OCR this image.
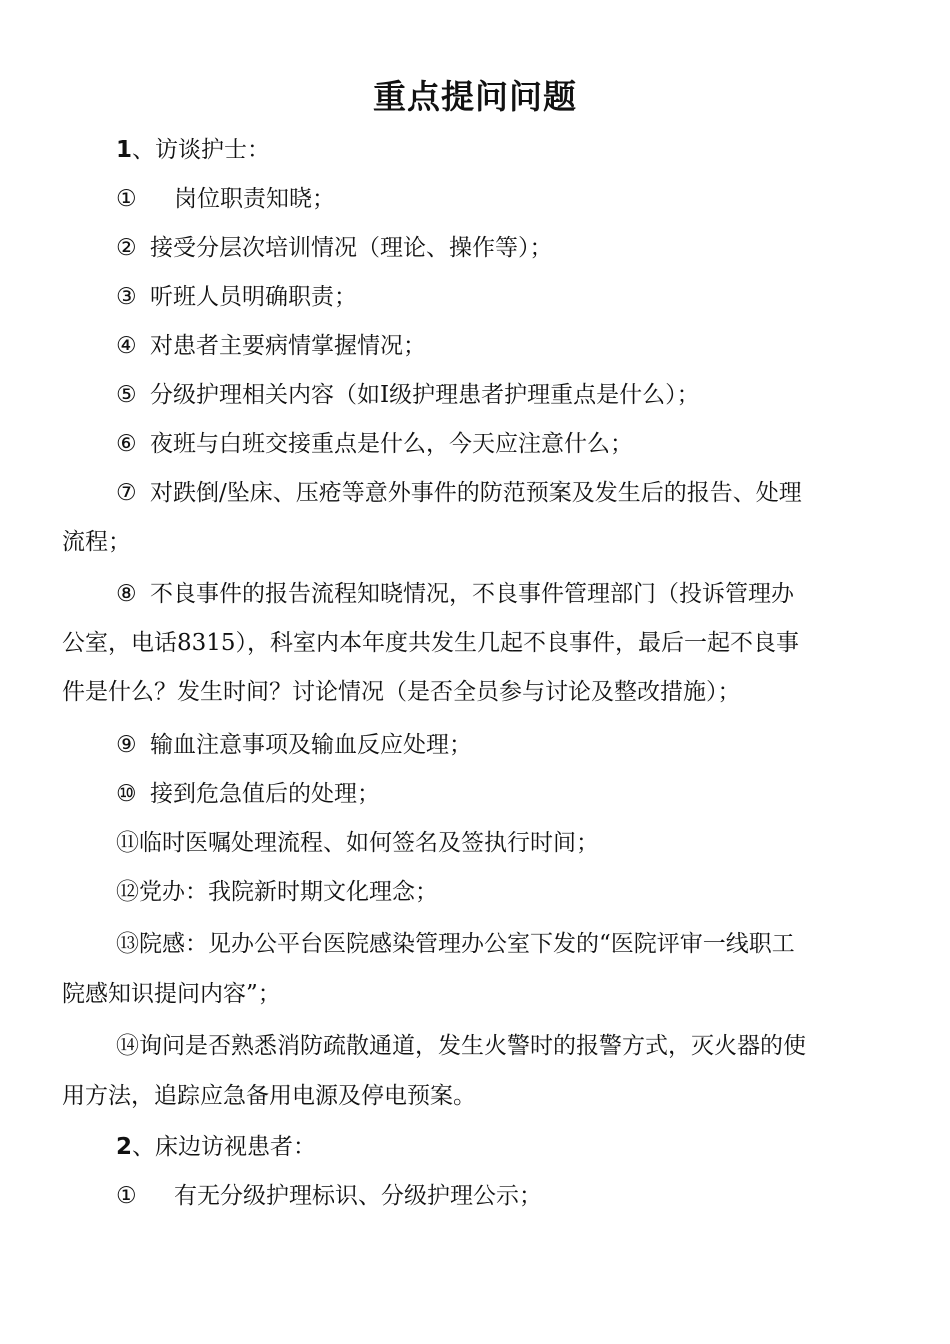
重点提问问题
1、访谈护士：
① 岗位职责知晓；
② 接受分层次培训情况（理论、操作等）；
③ 听班人员明确职责；
④ 对患者主要病情掌握情况；
⑤ 分级护理相关内容（如Ⅰ级护理患者护理重点是什么）；
⑥ 夜班与白班交接重点是什么，今天应注意什么；
⑦ 对跌倒/坠床、压疮等意外事件的防范预案及发生后的报告、处理
流程；
⑧ 不良事件的报告流程知晓情况，不良事件管理部门（投诉管理办
公室，电话8315），科室内本年度共发生几起不良事件，最后一起不良事
件是什么？发生时间？讨论情况（是否全员参与讨论及整改措施）；
⑨ 输血注意事项及输血反应处理；
⑩ 接到危急值后的处理；
⑪临时医嘱处理流程、如何签名及签执行时间；
⑫党办：我院新时期文化理念；
⑬院感：见办公平台医院感染管理办公室下发的“医院评审一线职工
院感知识提问内容”；
⑭询问是否熟悉消防疏散通道，发生火警时的报警方式，灭火器的使
用方法，追踪应急备用电源及停电预案。
2、床边访视患者：
① 有无分级护理标识、分级护理公示；
